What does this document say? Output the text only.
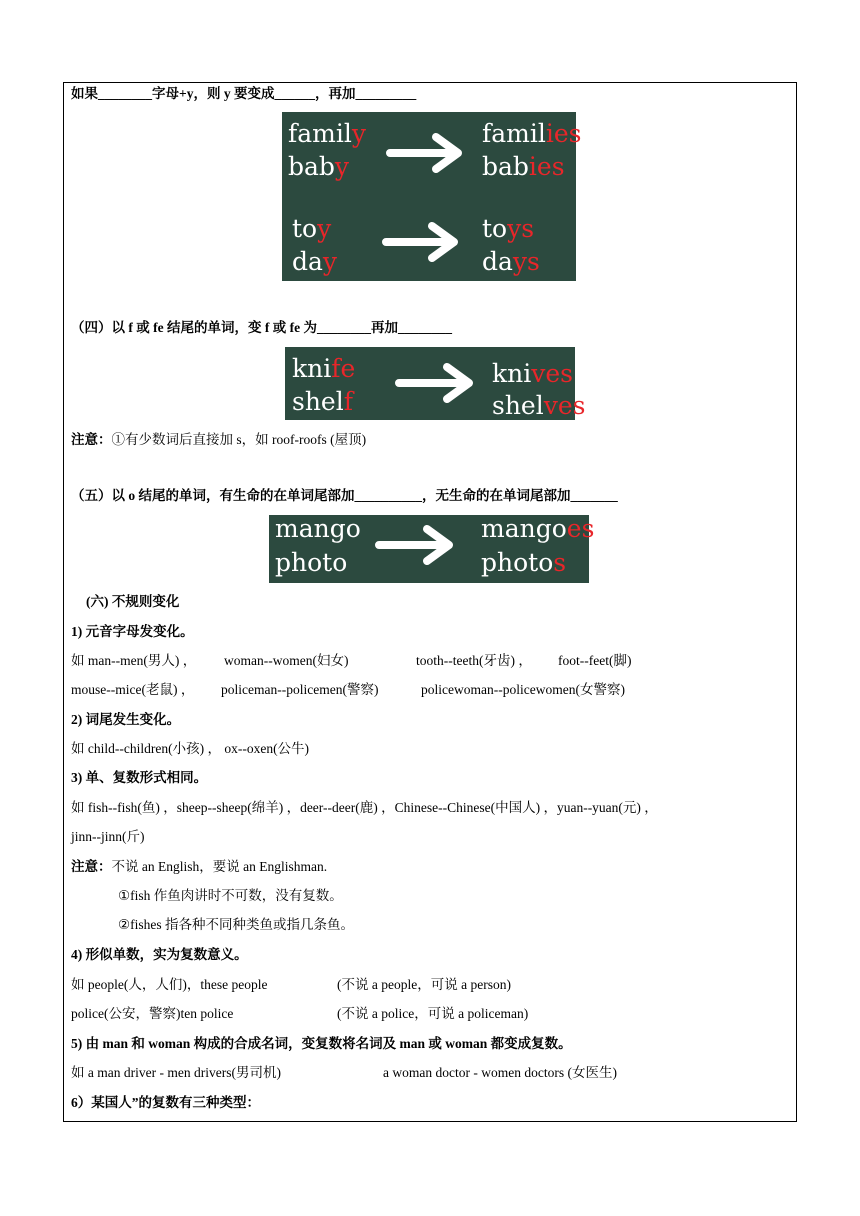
如果________字母+y，则 y 要变成______，再加_________
family
baby
families
babies
toy
day
toys
days
（四）以 f 或 fe 结尾的单词，变 f 或 fe 为________再加________
knife
shelf
knives
shelves
注意：①有少数词后直接加 s，如 roof-roofs (屋顶)
（五）以 o 结尾的单词，有生命的在单词尾部加__________，无生命的在单词尾部加_______
mango
photo
mangoes
photos
(六) 不规则变化
1) 元音字母发变化。
如 man--men(男人) ， woman--women(妇女)	tooth--teeth(牙齿) ， foot--feet(脚)
mouse--mice(老鼠) ， policeman--policemen(警察)	policewoman--policewomen(女警察)
2) 词尾发生变化。
如 child--children(小孩) ， ox--oxen(公牛)
3) 单、复数形式相同。
如 fish--fish(鱼) ，sheep--sheep(绵羊) ，deer--deer(鹿) ，Chinese--Chinese(中国人) ，yuan--yuan(元) ，
jinn--jinn(斤)
注意：不说 an English，要说 an Englishman.
①fish 作鱼肉讲时不可数，没有复数。
②fishes 指各种不同种类鱼或指几条鱼。
4) 形似单数，实为复数意义。
如 people(人，人们)，these people	(不说 a people，可说 a person)
police(公安，警察)ten police	(不说 a police，可说 a policeman)
5) 由 man 和 woman 构成的合成名词，变复数将名词及 man 或 woman 都变成复数。
如 a man driver - men drivers(男司机)	a woman doctor - women doctors (女医生)
6）某国人”的复数有三种类型：
